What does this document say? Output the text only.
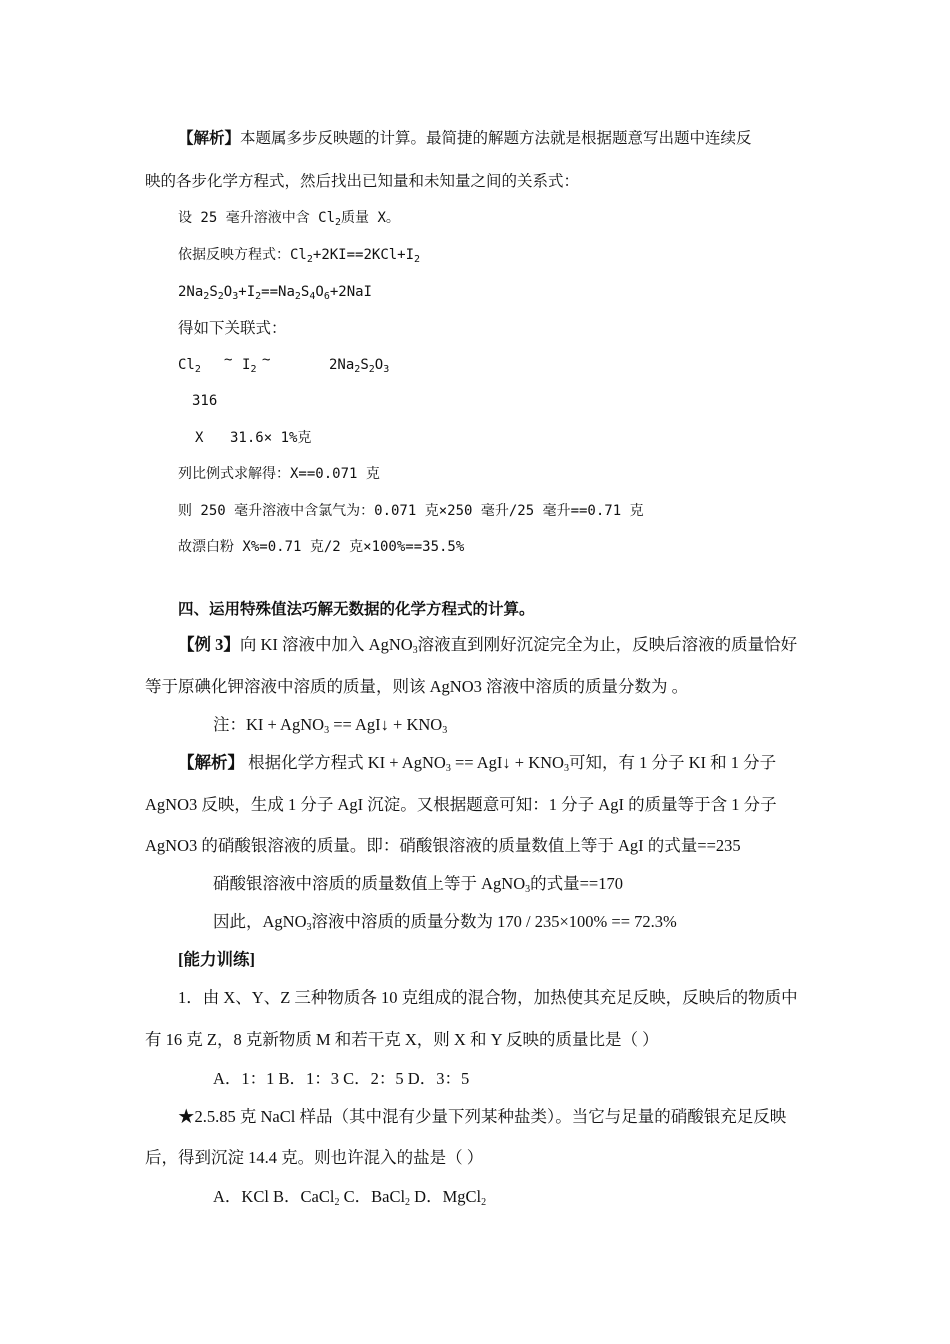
【解析】本题属多步反映题的计算。最简捷的解题方法就是根据题意写出题中连续反
映的各步化学方程式，然后找出已知量和未知量之间的关系式：
设 25 毫升溶液中含 $Cl_2$质量 X。
依据反映方程式：$Cl_2+2KI==2KCl+I_2$
$2Na_2S_2O_3+I_2==Na_2S_4O_6+2NaI$
得如下关联式：
$Cl_2$
~ $I_2$
~	$2Na_2S_2O_3$
316
X 31.6× 1%克
列比例式求解得：X==0.071 克
则 250 毫升溶液中含氯气为：0.071 克×250 毫升/25 毫升==0.71 克
故漂白粉 X%=0.71 克/2 克×100%==35.5%
四、运用特殊值法巧解无数据的化学方程式的计算。
【例 3】向 KI 溶液中加入 AgNO$_3$溶液直到刚好沉淀完全为止，反映后溶液的质量恰好
等于原碘化钾溶液中溶质的质量，则该 AgNO3 溶液中溶质的质量分数为 。
注：KI + AgNO$_3$ == AgI↓ + $KNO_3$
【解析】 根据化学方程式 KI + AgNO$_3$ == AgI↓ + $KNO_3$可知，有 1 分子 KI 和 1 分子
AgNO3 反映，生成 1 分子 AgI 沉淀。又根据题意可知：1 分子 AgI 的质量等于含 1 分子
AgNO3 的硝酸银溶液的质量。即：硝酸银溶液的质量数值上等于 AgI 的式量==235
硝酸银溶液中溶质的质量数值上等于 AgNO$_3$的式量==170
因此，AgNO$_3$溶液中溶质的质量分数为 170 / 235×100% == 72.3%
[能力训练]
1．由 X、Y、Z 三种物质各 10 克组成的混合物，加热使其充足反映，反映后的物质中
有 16 克 Z，8 克新物质 M 和若干克 X，则 X 和 Y 反映的质量比是（ ）
A．1：1 B．1：3 C．2：5 D．3：5
★2.5.85 克 NaCl 样品（其中混有少量下列某种盐类）。当它与足量的硝酸银充足反映
后，得到沉淀 14.4 克。则也许混入的盐是（ ）
A．KCl B．CaCl$_2$ C．BaCl$_2$ D．MgCl$_2$
